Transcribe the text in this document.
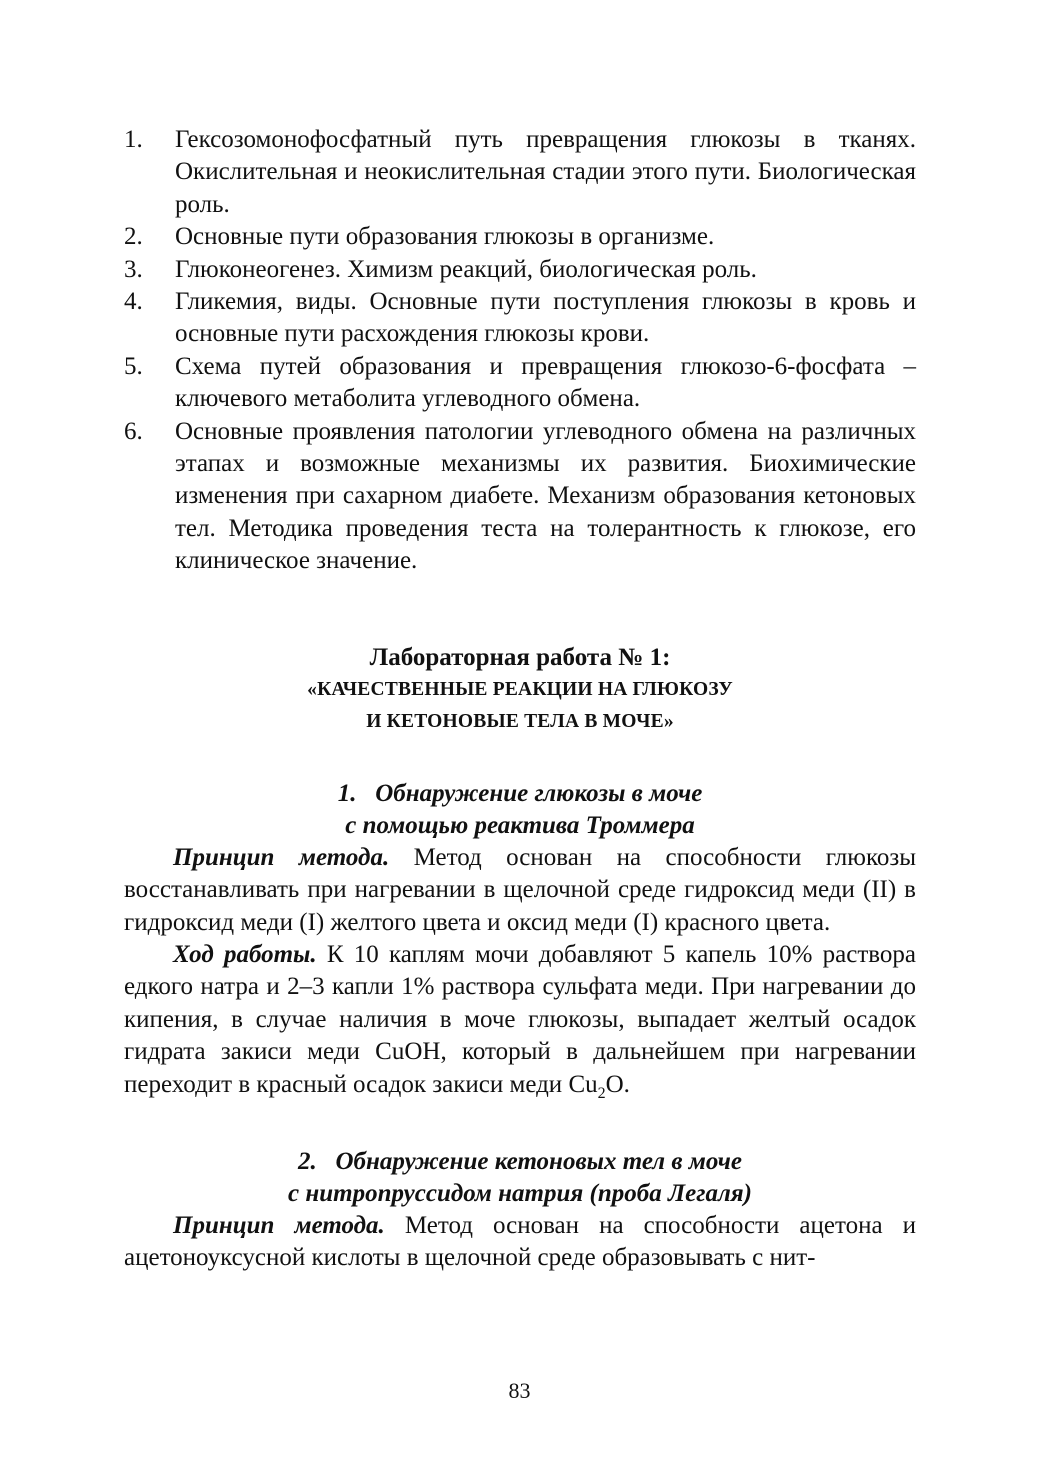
1.	Гексозомонофосфатный путь превращения глюкозы в тканях. Окислительная и неокислительная стадии этого пути. Биологическая роль.
2.	Основные пути образования глюкозы в организме.
3.	Глюконеогенез. Химизм реакций, биологическая роль.
4.	Гликемия, виды. Основные пути поступления глюкозы в кровь и основные пути расхождения глюкозы крови.
5.	Схема путей образования и превращения глюкозо-6-фосфата – ключевого метаболита углеводного обмена.
6.	Основные проявления патологии углеводного обмена на различных этапах и возможные механизмы их развития. Биохимические изменения при сахарном диабете. Механизм образования кетоновых тел. Методика проведения теста на толерантность к глюкозе, его клиническое значение.
Лабораторная работа № 1:
«КАЧЕСТВЕННЫЕ РЕАКЦИИ НА ГЛЮКОЗУ
И КЕТОНОВЫЕ ТЕЛА В МОЧЕ»
1.   Обнаружение глюкозы в моче
с помощью реактива Троммера

Принцип метода. Метод основан на способности глюкозы восстанавливать при нагревании в щелочной среде гидроксид меди (II) в гидроксид меди (I) желтого цвета и оксид меди (I) красного цвета.

Ход работы. К 10 каплям мочи добавляют 5 капель 10% раствора едкого натра и 2–3 капли 1% раствора сульфата меди. При нагревании до кипения, в случае наличия в моче глюкозы, выпадает желтый осадок гидрата закиси меди CuOH, который в дальнейшем при нагревании переходит в красный осадок закиси меди $Cu_2O$.

2.   Обнаружение кетоновых тел в моче
с нитропруссидом натрия (проба Легаля)

Принцип метода. Метод основан на способности ацетона и ацетоноуксусной кислоты в щелочной среде образовывать с нит-

83
